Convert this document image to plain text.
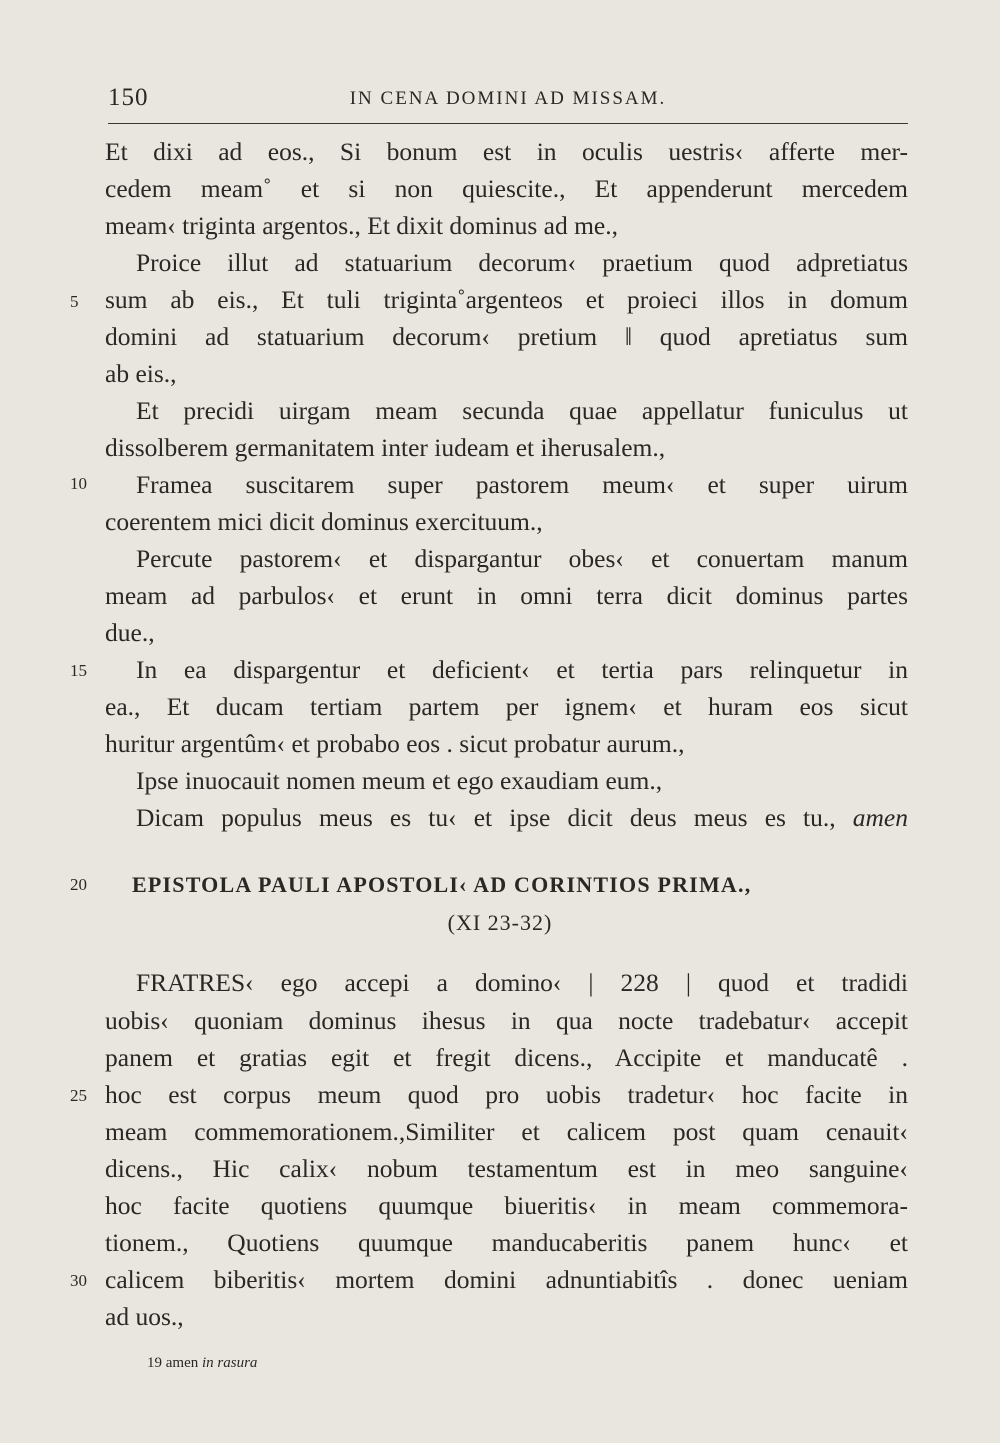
150	IN CENA DOMINI AD MISSAM.
Et dixi ad eos., Si bonum est in oculis uestris‹ afferte mer-
cedem meam˚ et si non quiescite., Et appenderunt mercedem
meam‹ triginta argentos., Et dixit dominus ad me.,
Proice illut ad statuarium decorum‹ praetium quod adpretiatus
sum ab eis., Et tuli triginta˚argenteos et proieci illos in domum
domini ad statuarium decorum‹ pretium ‖ quod apretiatus sum
ab eis.,
Et precidi uirgam meam secunda quae appellatur funiculus ut
dissolberem germanitatem inter iudeam et iherusalem.,
Framea suscitarem super pastorem meum‹ et super uirum
coerentem mici dicit dominus exercituum.,
Percute pastorem‹ et dispargantur obes‹ et conuertam manum
meam ad parbulos‹ et erunt in omni terra dicit dominus partes
due.,
In ea dispargentur et deficient‹ et tertia pars relinquetur in
ea., Et ducam tertiam partem per ignem‹ et huram eos sicut
huritur argentûm‹ et probabo eos . sicut probatur aurum.,
Ipse inuocauit nomen meum et ego exaudiam eum.,
Dicam populus meus es tu‹ et ipse dicit deus meus es tu., amen
EPISTOLA PAULI APOSTOLI‹ AD CORINTIOS PRIMA.,
(XI 23-32)
FRATRES‹ ego accepi a domino‹ | 228 | quod et tradidi
uobis‹ quoniam dominus ihesus in qua nocte tradebatur‹ accepit
panem et gratias egit et fregit dicens., Accipite et manducatê .
hoc est corpus meum quod pro uobis tradetur‹ hoc facite in
meam commemorationem.,Similiter et calicem post quam cenauit‹
dicens., Hic calix‹ nobum testamentum est in meo sanguine‹
hoc facite quotiens quumque biueritis‹ in meam commemora-
tionem., Quotiens quumque manducaberitis panem hunc‹ et
calicem biberitis‹ mortem domini adnuntiabitîs . donec ueniam
ad uos.,
5
10
15
20
25
30
19 amen in rasura
